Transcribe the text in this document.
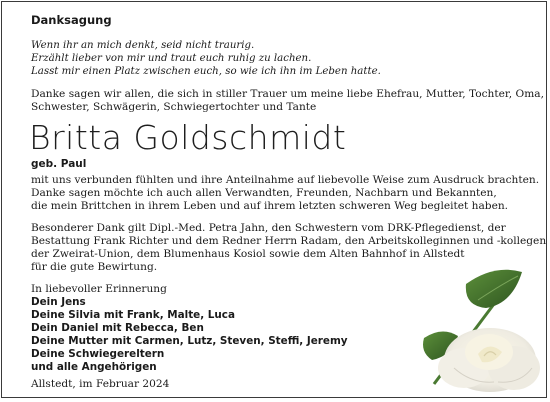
Danksagung
Wenn ihr an mich denkt, seid nicht traurig.
Erzählt lieber von mir und traut euch ruhig zu lachen.
Lasst mir einen Platz zwischen euch, so wie ich ihn im Leben hatte.
Danke sagen wir allen, die sich in stiller Trauer um meine liebe Ehefrau, Mutter, Tochter, Oma,
Schwester, Schwägerin, Schwiegertochter und Tante
Britta Goldschmidt
geb. Paul
mit uns verbunden fühlten und ihre Anteilnahme auf liebevolle Weise zum Ausdruck brachten.
Danke sagen möchte ich auch allen Verwandten, Freunden, Nachbarn und Bekannten,
die mein Brittchen in ihrem Leben und auf ihrem letzten schweren Weg begleitet haben.
Besonderer Dank gilt Dipl.-Med. Petra Jahn, den Schwestern vom DRK-Pflegedienst, der
Bestattung Frank Richter und dem Redner Herrn Radam, den Arbeitskolleginnen und -kollegen
der Zweirat-Union, dem Blumenhaus Kosiol sowie dem Alten Bahnhof in Allstedt
für die gute Bewirtung.
In liebevoller Erinnerung
Dein Jens
Deine Silvia mit Frank, Malte, Luca
Dein Daniel mit Rebecca, Ben
Deine Mutter mit Carmen, Lutz, Steven, Steffi, Jeremy
Deine Schwiegereltern
und alle Angehörigen
Allstedt, im Februar 2024
